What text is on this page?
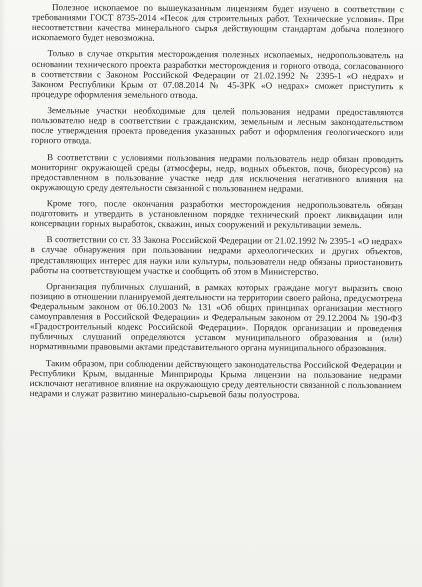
Полезное ископаемое по вышеуказанным лицензиям будет изучено в соответствии с требованиями ГОСТ 8735-2014 «Песок для строительных работ. Технические условия». При несоответствии качества минерального сырья действующим стандартам добыча полезного ископаемого будет невозможна.

Только в случае открытия месторождения полезных ископаемых, недропользователь на основании технического проекта разработки месторождения и горного отвода, согласованного в соответствии с Законом Российской Федерации от 21.02.1992 № 2395-1 «О недрах» и Законом Республики Крым от 07.08.2014 № 45-ЗРК «О недрах» сможет приступить к процедуре оформления земельного отвода.

Земельные участки необходимые для целей пользования недрами предоставляются пользователю недр в соответствии с гражданским, земельным и лесным законодательством после утверждения проекта проведения указанных работ и оформления геологического или горного отвода.

В соответствии с условиями пользования недрами пользователь недр обязан проводить мониторинг окружающей среды (атмосферы, недр, водных объектов, почв, биоресурсов) на предоставленном в пользование участке недр для исключения негативного влияния на окружающую среду деятельности связанной с пользованием недрами.

Кроме того, после окончания разработки месторождения недропользователь обязан подготовить и утвердить в установленном порядке технический проект ликвидации или консервации горных выработок, скважин, иных сооружений и рекультивации земель.

В соответствии со ст. 33 Закона Российской Федерации от 21.02.1992 № 2395-1 «О недрах» в случае обнаружения при пользовании недрами археологических и других объектов, представляющих интерес для науки или культуры, пользователи недр обязаны приостановить работы на соответствующем участке и сообщить об этом в Министерство.

Организация публичных слушаний, в рамках которых граждане могут выразить свою позицию в отношении планируемой деятельности на территории своего района, предусмотрена Федеральным законом от 06.10.2003 № 131 «Об общих принципах организации местного самоуправления в Российской Федерации» и Федеральным законом от 29.12.2004 № 190-ФЗ «Градостроительный кодекс Российской Федерации». Порядок организации и проведения публичных слушаний определяются уставом муниципального образования и (или) нормативными правовыми актами представительного органа муниципального образования.

Таким образом, при соблюдении действующего законодательства Российской Федерации и Республики Крым, выданные Минприроды Крыма лицензии на пользование недрами исключают негативное влияние на окружающую среду деятельности связанной с пользованием недрами и служат развитию минерально-сырьевой базы полуострова.
